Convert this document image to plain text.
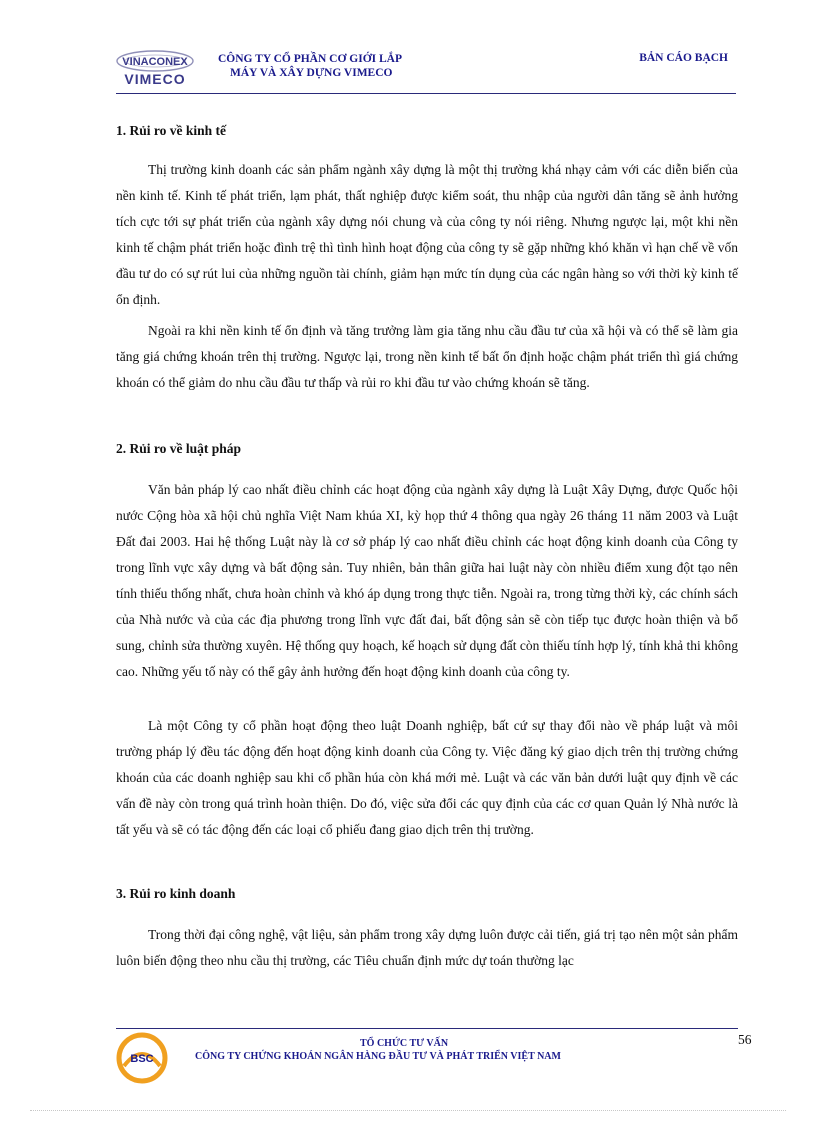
VINACONEX
VIMECO
CÔNG TY CỔ PHẦN CƠ GIỚI LẮP
MÁY VÀ XÂY DỰNG VIMECO
BẢN CÁO BẠCH
1. Rủi ro về kinh tế

Thị trường kinh doanh các sản phẩm ngành xây dựng là một thị trường khá nhạy cảm với các diễn biến của nền kinh tế. Kinh tế phát triển, lạm phát, thất nghiệp được kiểm soát, thu nhập của người dân tăng sẽ ảnh hưởng tích cực tới sự phát triển của ngành xây dựng nói chung và của công ty nói riêng. Nhưng ngược lại, một khi nền kinh tế chậm phát triển hoặc đình trệ thì tình hình hoạt động của công ty sẽ gặp những khó khăn vì hạn chế về vốn đầu tư do có sự rút lui của những nguồn tài chính, giảm hạn mức tín dụng của các ngân hàng so với thời kỳ kinh tế ổn định.

Ngoài ra khi nền kinh tế ổn định và tăng trưởng làm gia tăng nhu cầu đầu tư của xã hội và có thể sẽ làm gia tăng giá chứng khoán trên thị trường. Ngược lại, trong nền kinh tế bất ổn định hoặc chậm phát triển thì giá chứng khoán có thể giảm do nhu cầu đầu tư thấp và rủi ro khi đầu tư vào chứng khoán sẽ tăng.

2. Rủi ro về luật pháp

Văn bản pháp lý cao nhất điều chỉnh các hoạt động của ngành xây dựng là Luật Xây Dựng, được Quốc hội nước Cộng hòa xã hội chủ nghĩa Việt Nam khúa XI, kỳ họp thứ 4 thông qua ngày 26 tháng 11 năm 2003 và Luật Đất đai 2003. Hai hệ thống Luật này là cơ sở pháp lý cao nhất điều chỉnh các hoạt động kinh doanh của Công ty trong lĩnh vực xây dựng và bất động sản. Tuy nhiên, bản thân giữa hai luật này còn nhiều điểm xung đột tạo nên tính thiếu thống nhất, chưa hoàn chỉnh và khó áp dụng trong thực tiễn. Ngoài ra, trong từng thời kỳ, các chính sách của Nhà nước và của các địa phương trong lĩnh vực đất đai, bất động sản sẽ còn tiếp tục được hoàn thiện và bổ sung, chỉnh sửa thường xuyên. Hệ thống quy hoạch, kế hoạch sử dụng đất còn thiếu tính hợp lý, tính khả thi không cao. Những yếu tố này có thể gây ảnh hưởng đến hoạt động kinh doanh của công ty.

Là một Công ty cổ phần hoạt động theo luật Doanh nghiệp, bất cứ sự thay đổi nào về pháp luật và môi trường pháp lý đều tác động đến hoạt động kinh doanh của Công ty. Việc đăng ký giao dịch trên thị trường chứng khoán của các doanh nghiệp sau khi cổ phần húa còn khá mới mẻ. Luật và các văn bản dưới luật quy định về các vấn đề này còn trong quá trình hoàn thiện. Do đó, việc sửa đổi các quy định của các cơ quan Quản lý Nhà nước là tất yếu và sẽ có tác động đến các loại cổ phiếu đang giao dịch trên thị trường.

3. Rủi ro kinh doanh

Trong thời đại công nghệ, vật liệu, sản phẩm trong xây dựng luôn được cải tiến, giá trị tạo nên một sản phẩm luôn biến động theo nhu cầu thị trường, các Tiêu chuẩn định mức dự toán thường lạc

BSC
TỔ CHỨC TƯ VẤN
CÔNG TY CHỨNG KHOÁN NGÂN HÀNG ĐẦU TƯ VÀ PHÁT TRIỂN VIỆT NAM
56
